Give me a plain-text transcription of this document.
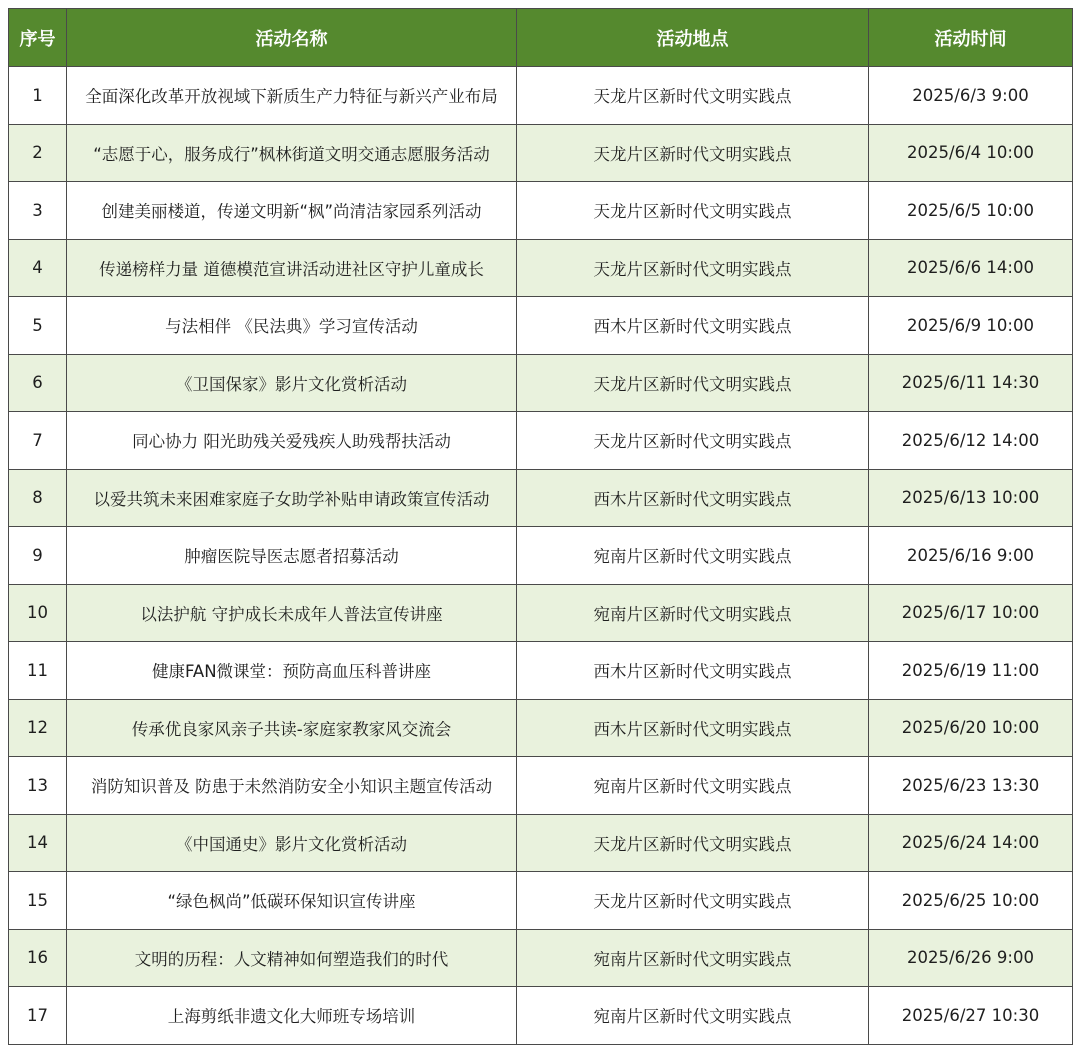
序号	活动名称	活动地点	活动时间
1	全面深化改革开放视域下新质生产力特征与新兴产业布局	天龙片区新时代文明实践点	2025/6/3 9:00
2	“志愿于心，服务成行”枫林街道文明交通志愿服务活动	天龙片区新时代文明实践点	2025/6/4 10:00
3	创建美丽楼道，传递文明新“枫”尚清洁家园系列活动	天龙片区新时代文明实践点	2025/6/5 10:00
4	传递榜样力量 道德模范宣讲活动进社区守护儿童成长	天龙片区新时代文明实践点	2025/6/6 14:00
5	与法相伴 《民法典》学习宣传活动	西木片区新时代文明实践点	2025/6/9 10:00
6	《卫国保家》影片文化赏析活动	天龙片区新时代文明实践点	2025/6/11 14:30
7	同心协力 阳光助残关爱残疾人助残帮扶活动	天龙片区新时代文明实践点	2025/6/12 14:00
8	以爱共筑未来困难家庭子女助学补贴申请政策宣传活动	西木片区新时代文明实践点	2025/6/13 10:00
9	肿瘤医院导医志愿者招募活动	宛南片区新时代文明实践点	2025/6/16 9:00
10	以法护航 守护成长未成年人普法宣传讲座	宛南片区新时代文明实践点	2025/6/17 10:00
11	健康FAN微课堂：预防高血压科普讲座	西木片区新时代文明实践点	2025/6/19 11:00
12	传承优良家风亲子共读-家庭家教家风交流会	西木片区新时代文明实践点	2025/6/20 10:00
13	消防知识普及 防患于未然消防安全小知识主题宣传活动	宛南片区新时代文明实践点	2025/6/23 13:30
14	《中国通史》影片文化赏析活动	天龙片区新时代文明实践点	2025/6/24 14:00
15	“绿色枫尚”低碳环保知识宣传讲座	天龙片区新时代文明实践点	2025/6/25 10:00
16	文明的历程：人文精神如何塑造我们的时代	宛南片区新时代文明实践点	2025/6/26 9:00
17	上海剪纸非遗文化大师班专场培训	宛南片区新时代文明实践点	2025/6/27 10:30
